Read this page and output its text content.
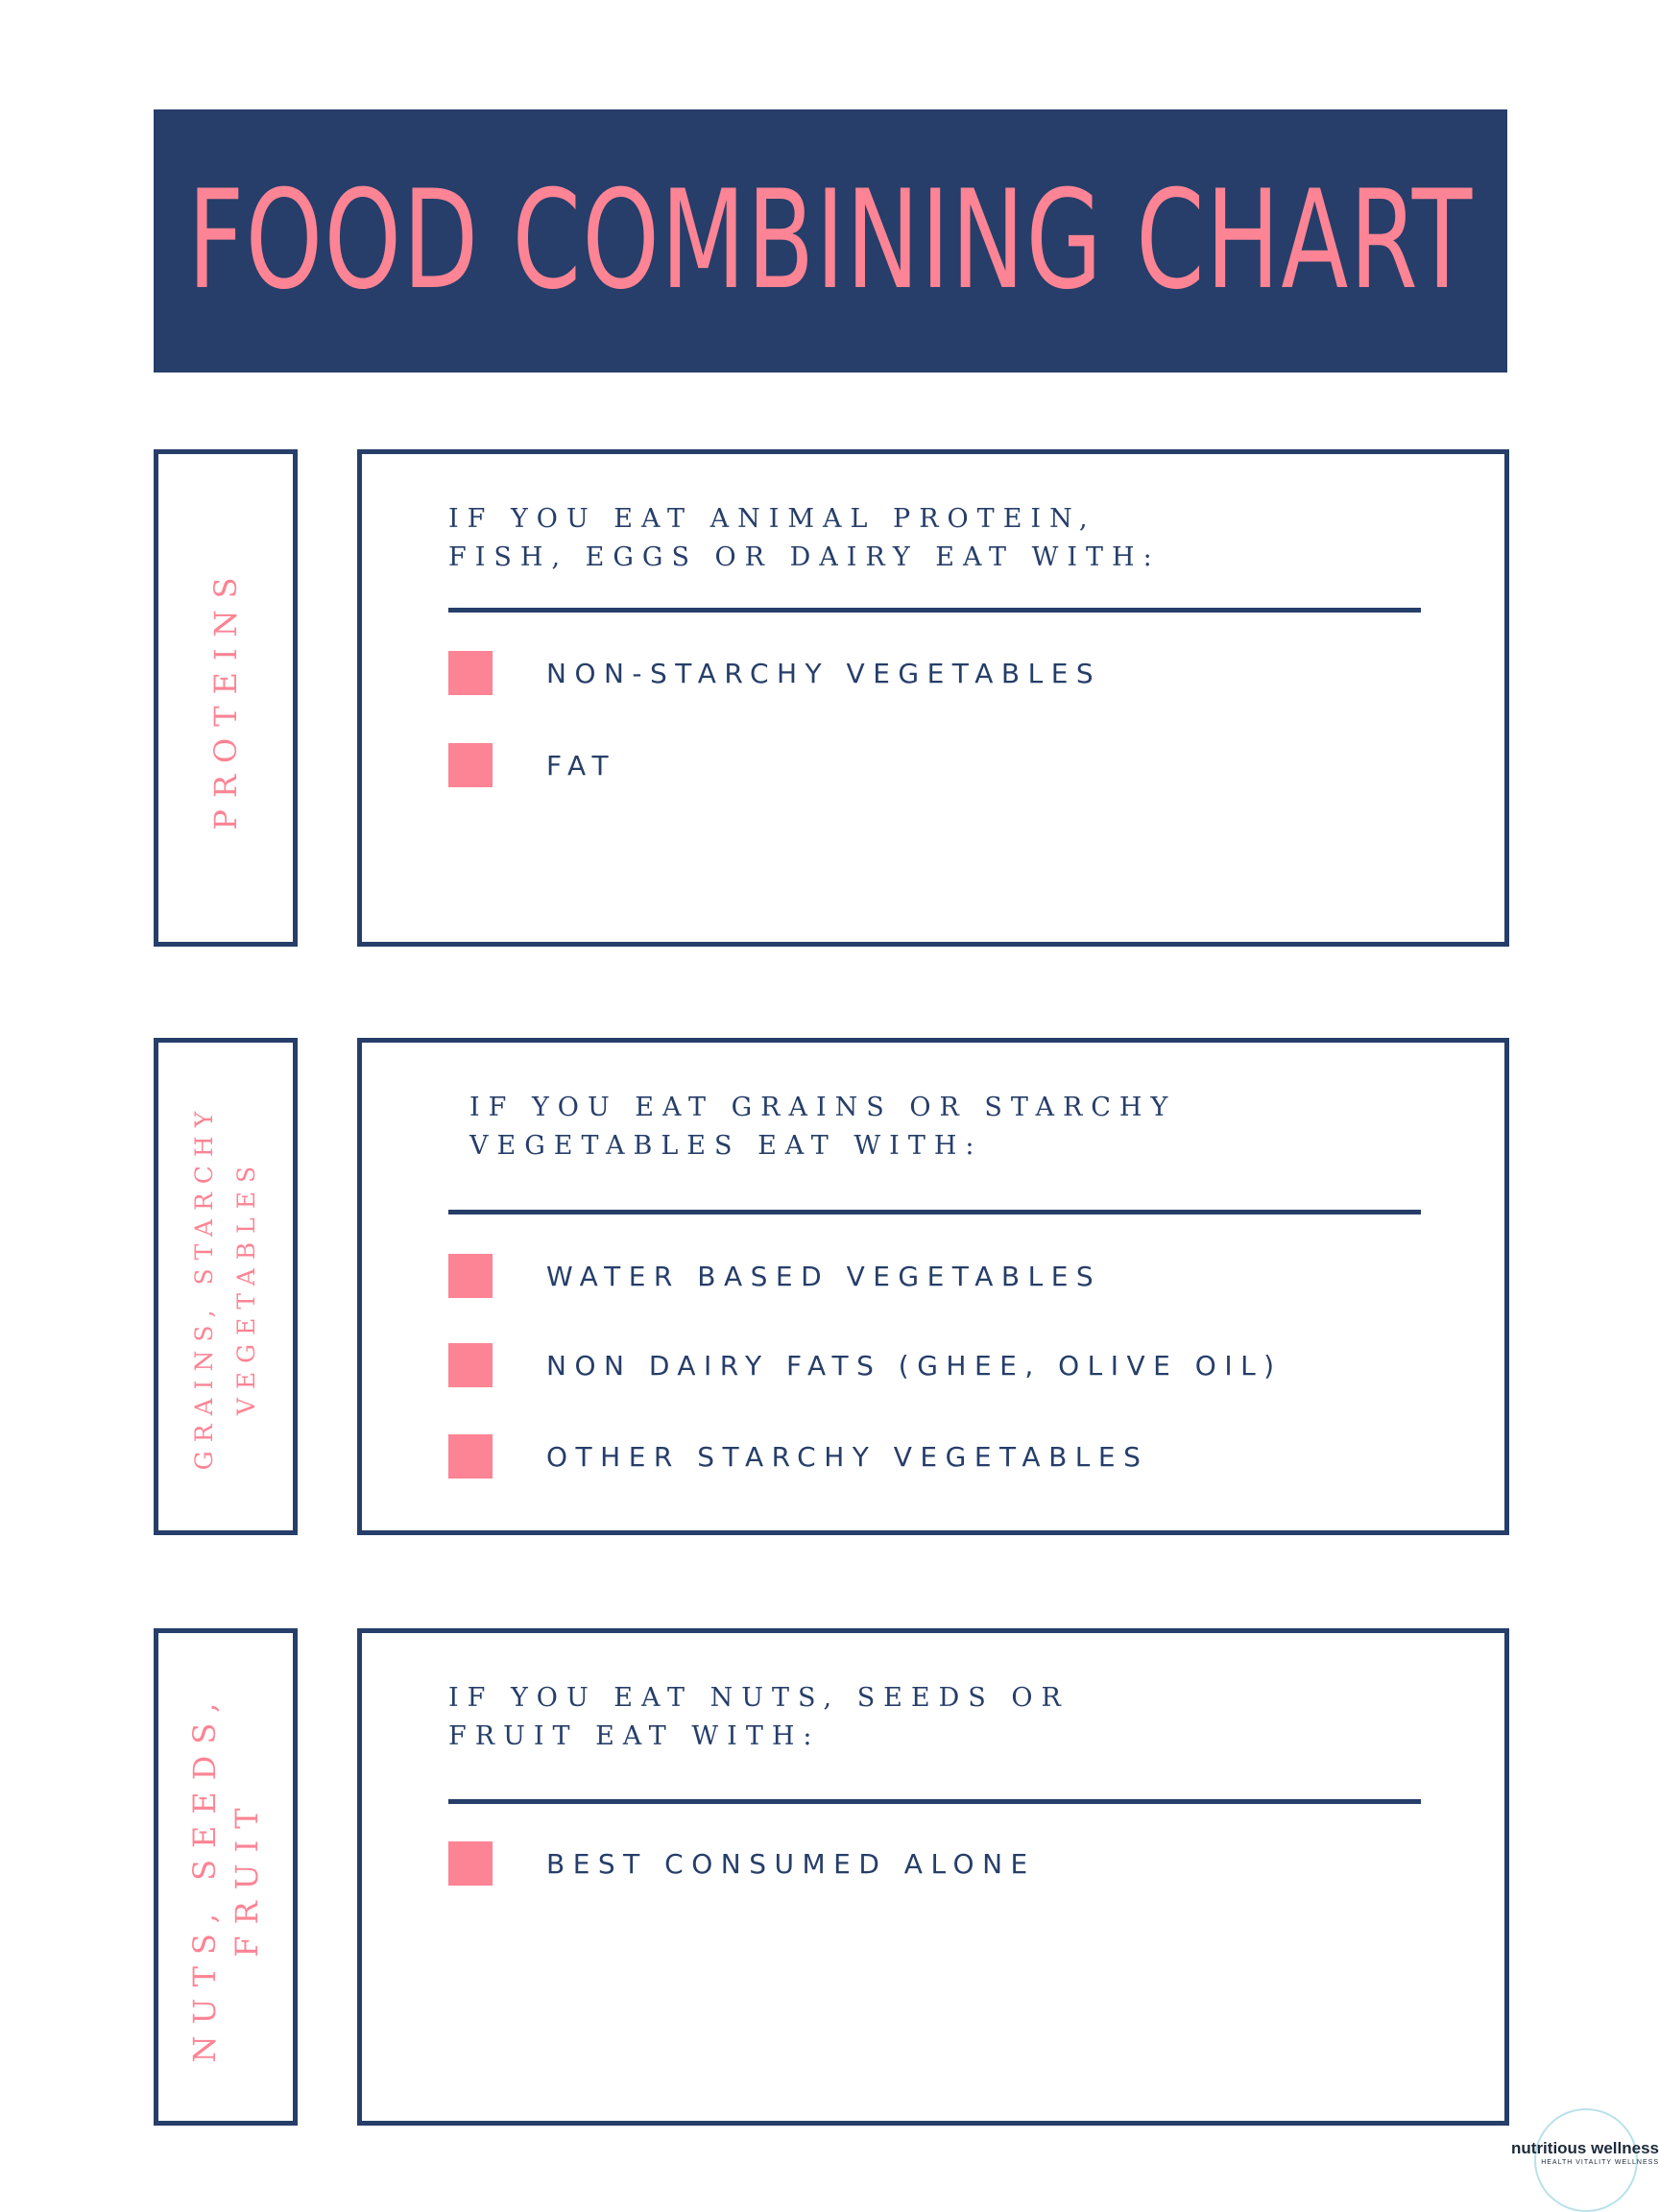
FOOD COMBINING CHART
PROTEINS
IF YOU EAT ANIMAL PROTEIN,
FISH, EGGS OR DAIRY EAT WITH:
NON-STARCHY VEGETABLES
FAT
GRAINS, STARCHY
VEGETABLES
IF YOU EAT GRAINS OR STARCHY
VEGETABLES EAT WITH:
WATER BASED VEGETABLES
NON DAIRY FATS (GHEE, OLIVE OIL)
OTHER STARCHY VEGETABLES
NUTS, SEEDS,
FRUIT
IF YOU EAT NUTS, SEEDS OR
FRUIT EAT WITH:
BEST CONSUMED ALONE
nutritious wellness
HEALTH VITALITY WELLNESS
